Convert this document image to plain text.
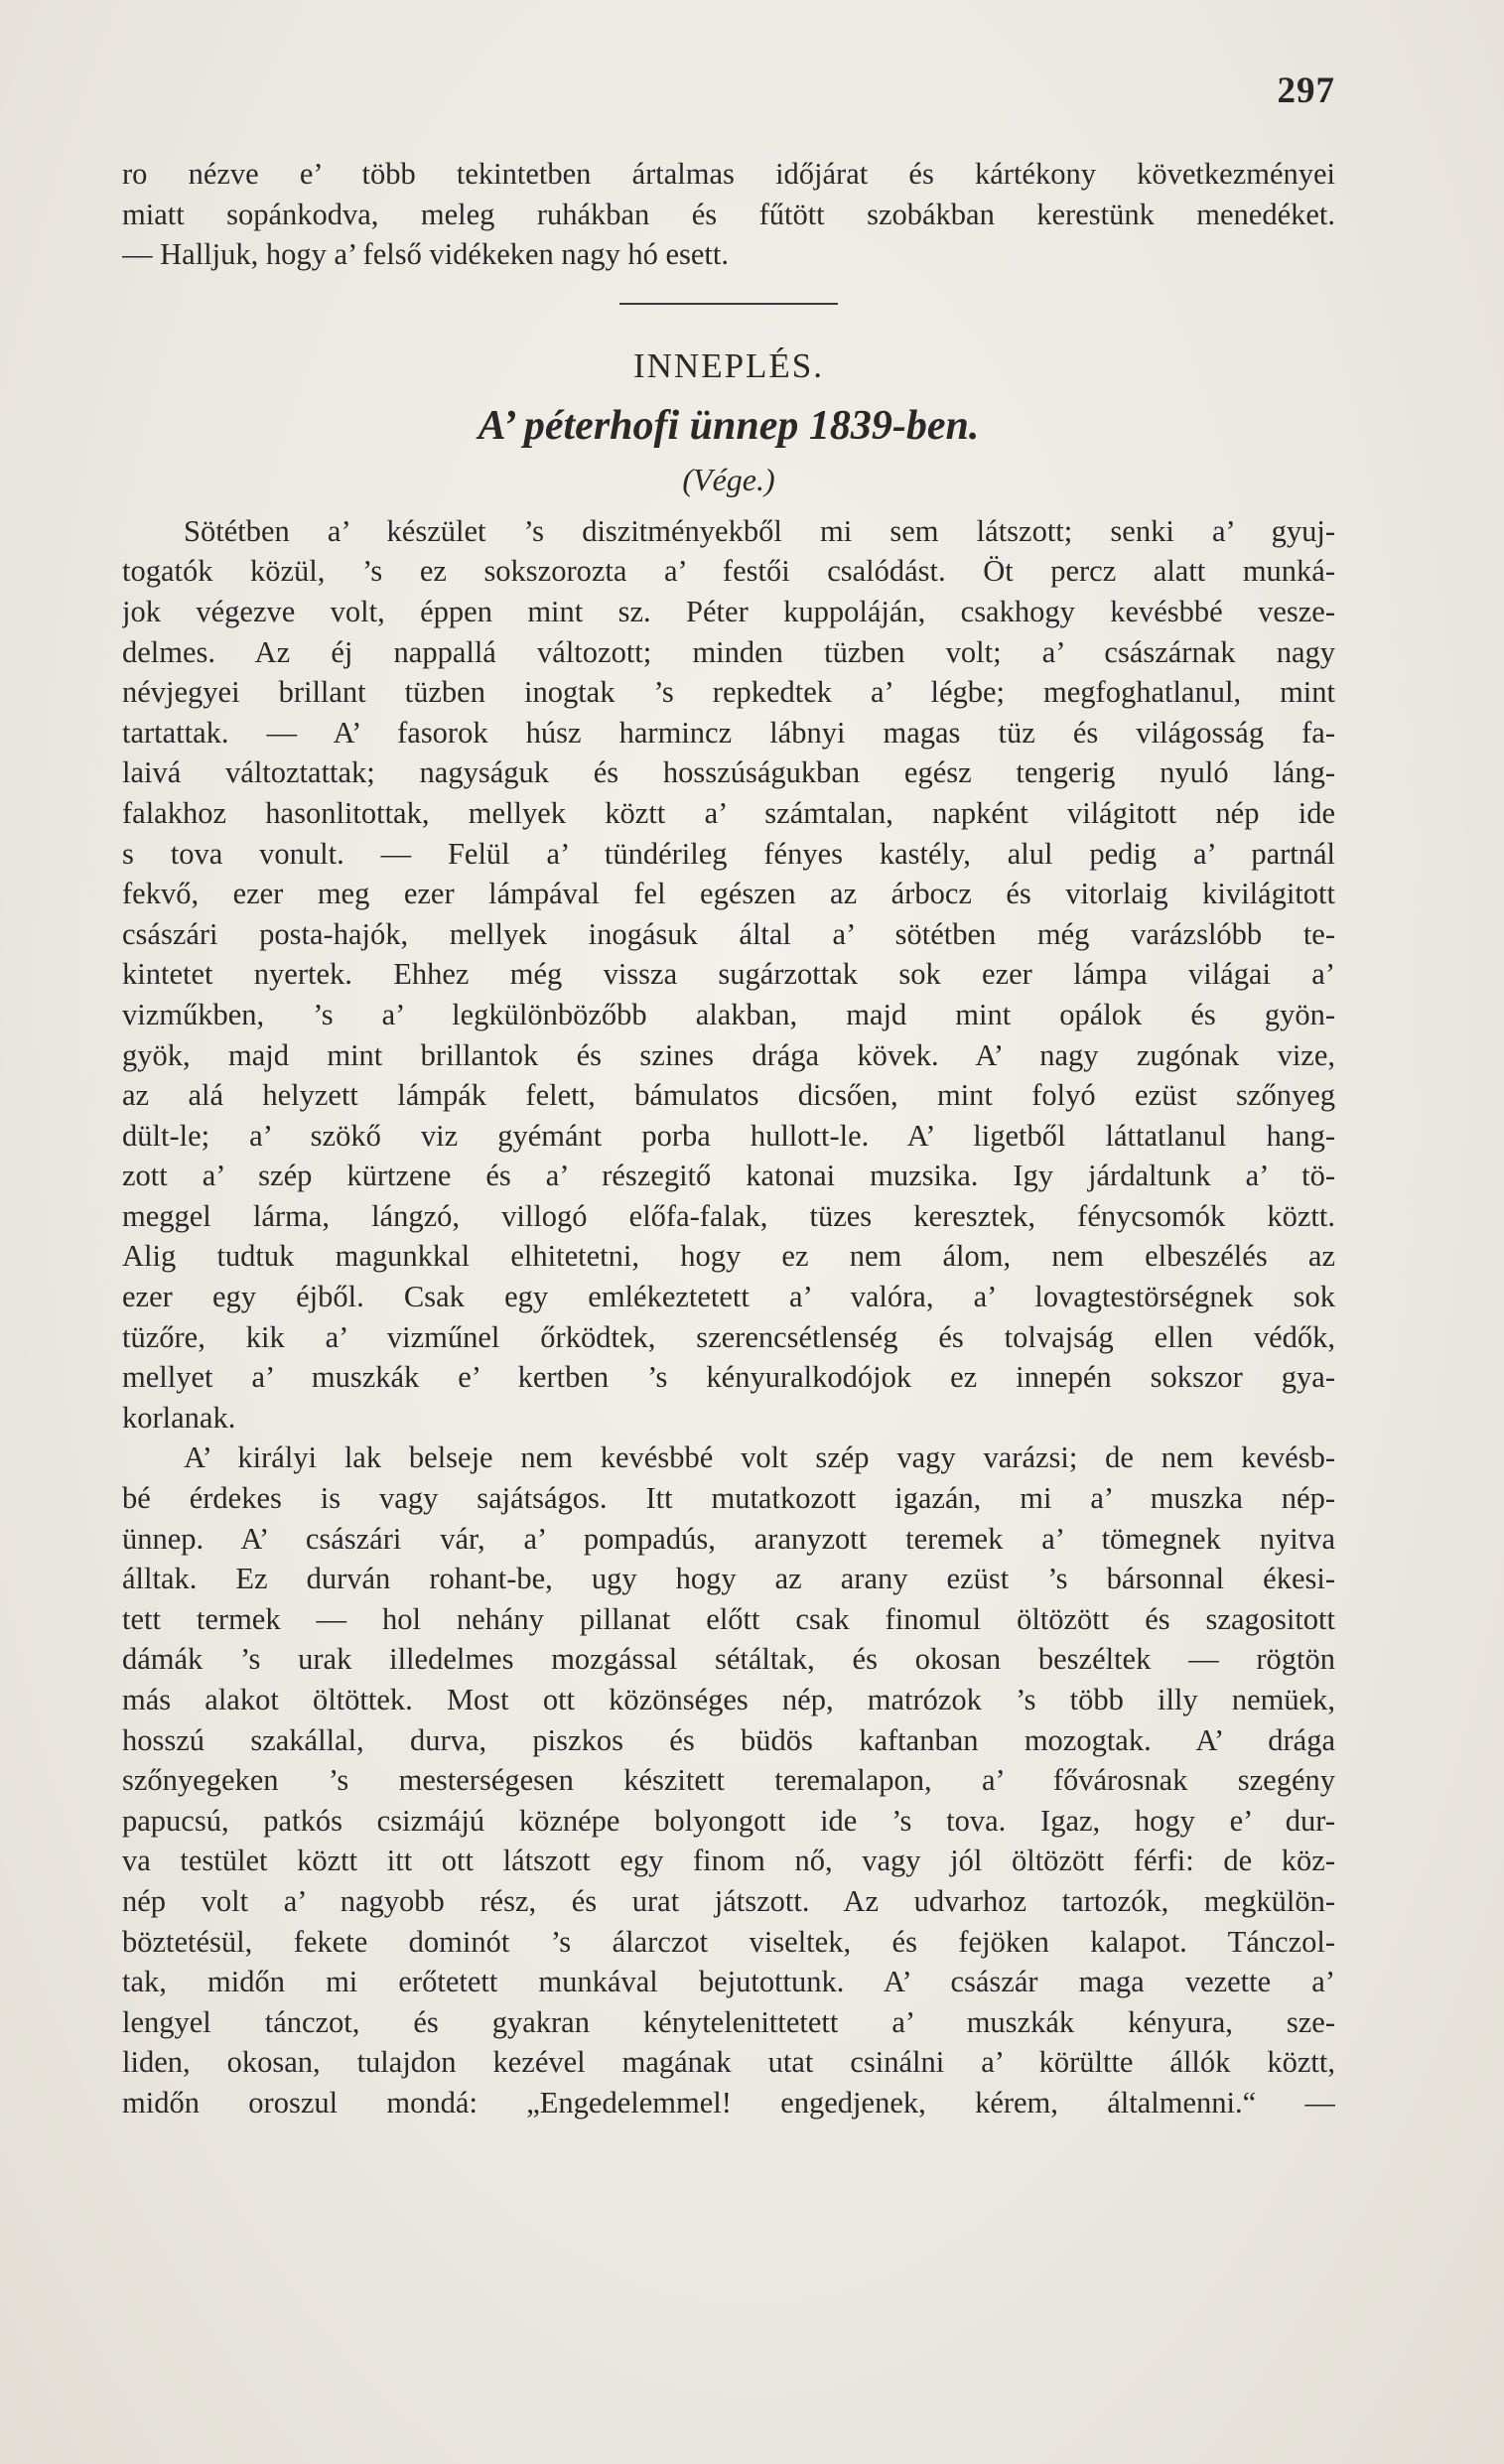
297
ro nézve e’ több tekintetben ártalmas időjárat és kártékony következményei
miatt sopánkodva, meleg ruhákban és fűtött szobákban kerestünk menedéket.
— Halljuk, hogy a’ felső vidékeken nagy hó esett.
INNEPLÉS.
A’ péterhofi ünnep 1839-ben.
(Vége.)
Sötétben a’ készület ’s diszitményekből mi sem látszott; senki a’ gyuj-
togatók közül, ’s ez sokszorozta a’ festői csalódást. Öt percz alatt munká-
jok végezve volt, éppen mint sz. Péter kuppoláján, csakhogy kevésbbé vesze-
delmes. Az éj nappallá változott; minden tüzben volt; a’ császárnak nagy
névjegyei brillant tüzben inogtak ’s repkedtek a’ légbe; megfoghatlanul, mint
tartattak. — A’ fasorok húsz harmincz lábnyi magas tüz és világosság fa-
laivá változtattak; nagyságuk és hosszúságukban egész tengerig nyuló láng-
falakhoz hasonlitottak, mellyek köztt a’ számtalan, napként világitott nép ide
s tova vonult. — Felül a’ tündérileg fényes kastély, alul pedig a’ partnál
fekvő, ezer meg ezer lámpával fel egészen az árbocz és vitorlaig kivilágitott
császári posta-hajók, mellyek inogásuk által a’ sötétben még varázslóbb te-
kintetet nyertek. Ehhez még vissza sugárzottak sok ezer lámpa világai a’
vizműkben, ’s a’ legkülönbözőbb alakban, majd mint opálok és gyön-
gyök, majd mint brillantok és szines drága kövek. A’ nagy zugónak vize,
az alá helyzett lámpák felett, bámulatos dicsően, mint folyó ezüst szőnyeg
dült-le; a’ szökő viz gyémánt porba hullott-le. A’ ligetből láttatlanul hang-
zott a’ szép kürtzene és a’ részegitő katonai muzsika. Igy járdaltunk a’ tö-
meggel lárma, lángzó, villogó előfa-falak, tüzes keresztek, fénycsomók köztt.
Alig tudtuk magunkkal elhitetetni, hogy ez nem álom, nem elbeszélés az
ezer egy éjből. Csak egy emlékeztetett a’ valóra, a’ lovagtestörségnek sok
tüzőre, kik a’ vizműnel őrködtek, szerencsétlenség és tolvajság ellen védők,
mellyet a’ muszkák e’ kertben ’s kényuralkodójok ez innepén sokszor gya-
korlanak.
A’ királyi lak belseje nem kevésbbé volt szép vagy varázsi; de nem kevésb-
bé érdekes is vagy sajátságos. Itt mutatkozott igazán, mi a’ muszka nép-
ünnep. A’ császári vár, a’ pompadús, aranyzott teremek a’ tömegnek nyitva
álltak. Ez durván rohant-be, ugy hogy az arany ezüst ’s bársonnal ékesi-
tett termek — hol nehány pillanat előtt csak finomul öltözött és szagositott
dámák ’s urak illedelmes mozgással sétáltak, és okosan beszéltek — rögtön
más alakot öltöttek. Most ott közönséges nép, matrózok ’s több illy nemüek,
hosszú szakállal, durva, piszkos és büdös kaftanban mozogtak. A’ drága
szőnyegeken ’s mesterségesen készitett teremalapon, a’ fővárosnak szegény
papucsú, patkós csizmájú köznépe bolyongott ide ’s tova. Igaz, hogy e’ dur-
va testület köztt itt ott látszott egy finom nő, vagy jól öltözött férfi: de köz-
nép volt a’ nagyobb rész, és urat játszott. Az udvarhoz tartozók, megkülön-
böztetésül, fekete dominót ’s álarczot viseltek, és fejöken kalapot. Tánczol-
tak, midőn mi erőtetett munkával bejutottunk. A’ császár maga vezette a’
lengyel tánczot, és gyakran kénytelenittetett a’ muszkák kényura, sze-
liden, okosan, tulajdon kezével magának utat csinálni a’ körültte állók köztt,
midőn oroszul mondá: „Engedelemmel! engedjenek, kérem, általmenni.“ —
